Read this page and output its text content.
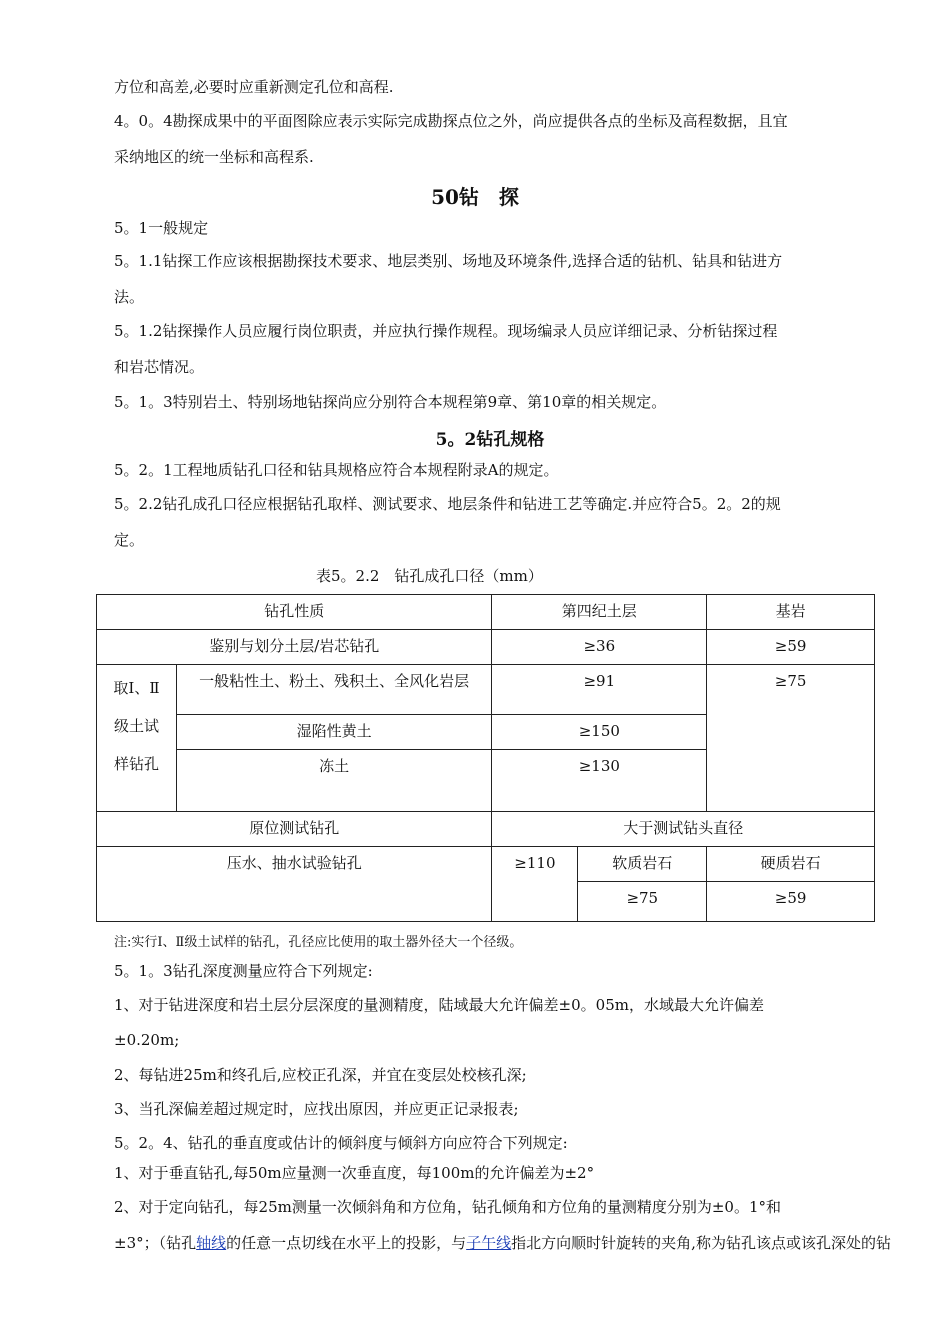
方位和高差,必要时应重新测定孔位和高程.
4。0。4勘探成果中的平面图除应表示实际完成勘探点位之外，尚应提供各点的坐标及高程数据，且宜
采纳地区的统一坐标和高程系.
50钻　探
5。1一般规定
5。1.1钻探工作应该根据勘探技术要求、地层类别、场地及环境条件,选择合适的钻机、钻具和钻进方
法。
5。1.2钻探操作人员应履行岗位职责，并应执行操作规程。现场编录人员应详细记录、分析钻探过程
和岩芯情况。
5。1。3特别岩土、特别场地钻探尚应分别符合本规程第9章、第10章的相关规定。
5。2钻孔规格
5。2。1工程地质钻孔口径和钻具规格应符合本规程附录A的规定。
5。2.2钻孔成孔口径应根据钻孔取样、测试要求、地层条件和钻进工艺等确定.并应符合5。2。2的规
定。
表5。2.2　钻孔成孔口径（mm）
钻孔性质		第四纪土层		基岩
鉴别与划分土层/岩芯钻孔		≥36		≥59
取Ⅰ、Ⅱ级土试样钻孔	一般粘性土、粉土、残积土、全风化岩层	≥91		≥75
	湿陷性黄土	≥150		
	冻土	≥130		
原位测试钻孔		大于测试钻头直径		
压水、抽水试验钻孔		≥110	软质岩石	硬质岩石
			≥75	≥59
注:实行Ⅰ、Ⅱ级土试样的钻孔，孔径应比使用的取土器外径大一个径级。
5。1。3钻孔深度测量应符合下列规定:
1、对于钻进深度和岩土层分层深度的量测精度，陆域最大允许偏差±0。05m，水域最大允许偏差
±0.20m;
2、每钻进25m和终孔后,应校正孔深，并宜在变层处校核孔深;
3、当孔深偏差超过规定时，应找出原因，并应更正记录报表;
5。2。4、钻孔的垂直度或估计的倾斜度与倾斜方向应符合下列规定:
1、对于垂直钻孔,每50m应量测一次垂直度，每100m的允许偏差为±2°
2、对于定向钻孔，每25m测量一次倾斜角和方位角，钻孔倾角和方位角的量测精度分别为±0。1°和
±3°；（钻孔轴线的任意一点切线在水平上的投影，与子午线指北方向顺时针旋转的夹角,称为钻孔该点或该孔深处的钻
